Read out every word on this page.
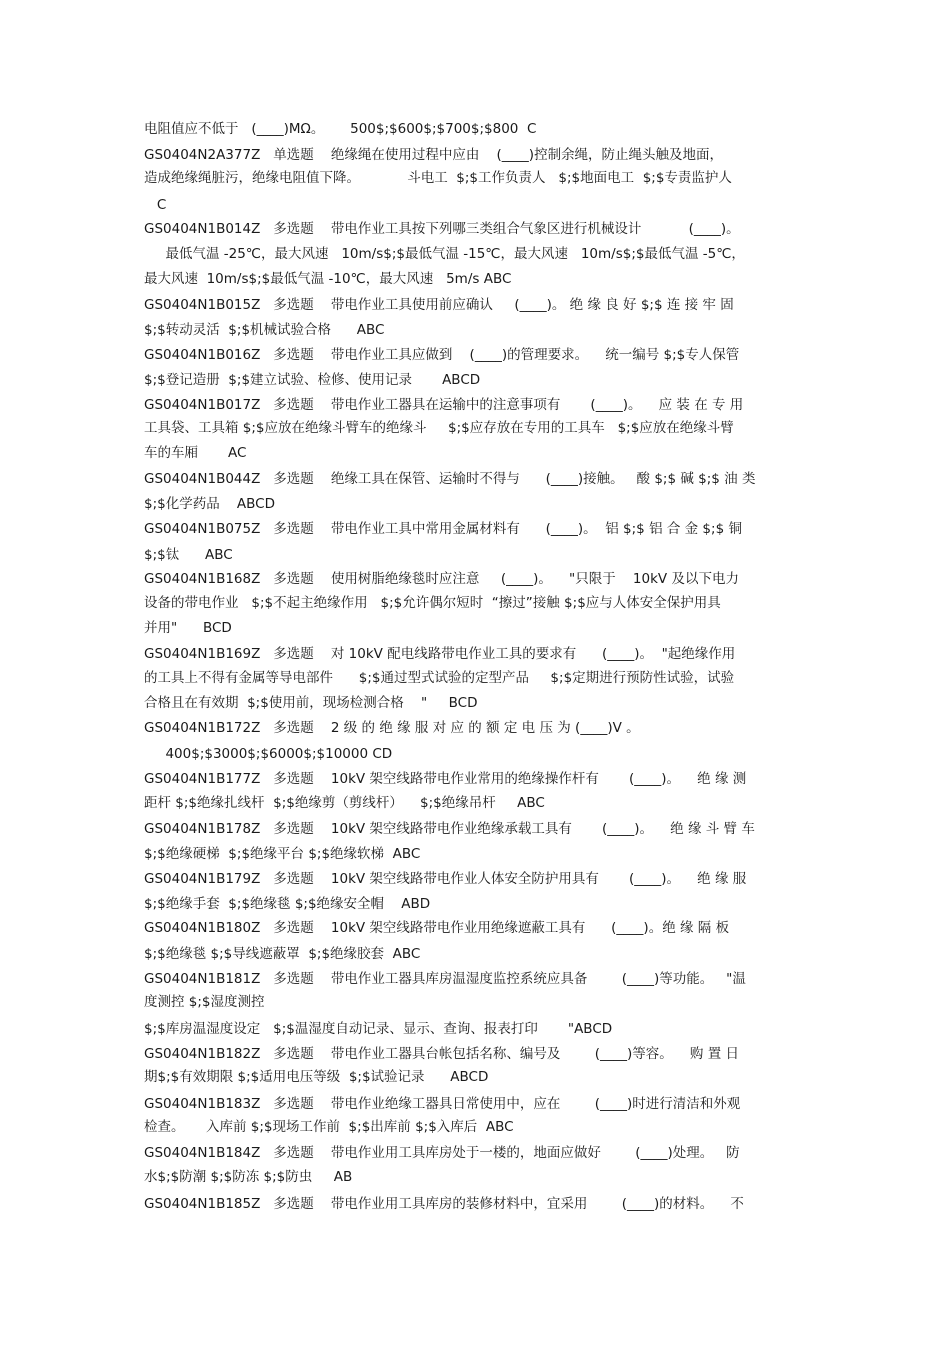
电阻值应不低于   (____)MΩ。      500$;$600$;$700$;$800  C
GS0404N2A377Z   单选题    绝缘绳在使用过程中应由    (____)控制余绳，防止绳头触及地面，
造成绝缘绳脏污，绝缘电阻值下降。           斗电工  $;$工作负责人   $;$地面电工  $;$专责监护人
C
GS0404N1B014Z   多选题    带电作业工具按下列哪三类组合气象区进行机械设计           (____)。
最低气温 -25℃，最大风速   10m/s$;$最低气温 -15℃，最大风速   10m/s$;$最低气温 -5℃，
最大风速  10m/s$;$最低气温 -10℃，最大风速   5m/s ABC
GS0404N1B015Z   多选题    带电作业工具使用前应确认     (____)。 绝 缘 良 好 $;$ 连 接 牢 固
$;$转动灵活  $;$机械试验合格      ABC
GS0404N1B016Z   多选题    带电作业工具应做到    (____)的管理要求。    统一编号 $;$专人保管
$;$登记造册  $;$建立试验、检修、使用记录       ABCD
GS0404N1B017Z   多选题    带电作业工器具在运输中的注意事项有       (____)。    应 装 在 专 用
工具袋、工具箱 $;$应放在绝缘斗臂车的绝缘斗     $;$应存放在专用的工具车   $;$应放在绝缘斗臂
车的车厢       AC
GS0404N1B044Z   多选题    绝缘工具在保管、运输时不得与      (____)接触。   酸 $;$ 碱 $;$ 油 类
$;$化学药品    ABCD
GS0404N1B075Z   多选题    带电作业工具中常用金属材料有      (____)。  铝 $;$ 铝 合 金 $;$ 铜
$;$钛      ABC
GS0404N1B168Z   多选题    使用树脂绝缘毯时应注意     (____)。    "只限于    10kV 及以下电力
设备的带电作业   $;$不起主绝缘作用   $;$允许偶尔短时  “擦过”接触 $;$应与人体安全保护用具
并用"      BCD
GS0404N1B169Z   多选题    对 10kV 配电线路带电作业工具的要求有      (____)。  "起绝缘作用
的工具上不得有金属等导电部件      $;$通过型式试验的定型产品     $;$定期进行预防性试验，试验
合格且在有效期  $;$使用前，现场检测合格    "     BCD
GS0404N1B172Z   多选题    2 级 的 绝 缘 服 对 应 的 额 定 电 压 为 (____)V 。
400$;$3000$;$6000$;$10000 CD
GS0404N1B177Z   多选题    10kV 架空线路带电作业常用的绝缘操作杆有       (____)。    绝 缘 测
距杆 $;$绝缘扎线杆  $;$绝缘剪（剪线杆）    $;$绝缘吊杆     ABC
GS0404N1B178Z   多选题    10kV 架空线路带电作业绝缘承载工具有       (____)。    绝 缘 斗 臂 车
$;$绝缘硬梯  $;$绝缘平台 $;$绝缘软梯  ABC
GS0404N1B179Z   多选题    10kV 架空线路带电作业人体安全防护用具有       (____)。    绝 缘 服
$;$绝缘手套  $;$绝缘毯 $;$绝缘安全帽    ABD
GS0404N1B180Z   多选题    10kV 架空线路带电作业用绝缘遮蔽工具有      (____)。绝 缘 隔 板
$;$绝缘毯 $;$导线遮蔽罩  $;$绝缘胶套  ABC
GS0404N1B181Z   多选题    带电作业工器具库房温湿度监控系统应具备        (____)等功能。   "温
度测控 $;$湿度测控
$;$库房温湿度设定   $;$温湿度自动记录、显示、查询、报表打印       "ABCD
GS0404N1B182Z   多选题    带电作业工器具台帐包括名称、编号及        (____)等容。    购 置 日
期$;$有效期限 $;$适用电压等级  $;$试验记录      ABCD
GS0404N1B183Z   多选题    带电作业绝缘工器具日常使用中，应在        (____)时进行清洁和外观
检查。     入库前 $;$现场工作前  $;$出库前 $;$入库后  ABC
GS0404N1B184Z   多选题    带电作业用工具库房处于一楼的，地面应做好        (____)处理。   防
水$;$防潮 $;$防冻 $;$防虫     AB
GS0404N1B185Z   多选题    带电作业用工具库房的装修材料中，宜采用        (____)的材料。    不
